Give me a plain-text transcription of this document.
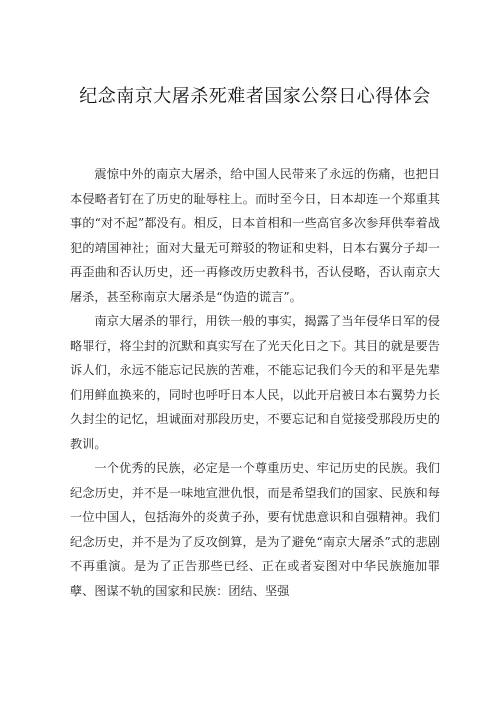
纪念南京大屠杀死难者国家公祭日心得体会

震惊中外的南京大屠杀，给中国人民带来了永远的伤痛，也把日本侵略者钉在了历史的耻辱柱上。而时至今日，日本却连一个郑重其事的“对不起”都没有。相反，日本首相和一些高官多次参拜供奉着战犯的靖国神社；面对大量无可辩驳的物证和史料，日本右翼分子却一再歪曲和否认历史，还一再修改历史教科书，否认侵略，否认南京大屠杀，甚至称南京大屠杀是“伪造的谎言”。

南京大屠杀的罪行，用铁一般的事实，揭露了当年侵华日军的侵略罪行，将尘封的沉默和真实写在了光天化日之下。其目的就是要告诉人们，永远不能忘记民族的苦难，不能忘记我们今天的和平是先辈们用鲜血换来的，同时也呼吁日本人民，以此开启被日本右翼势力长久封尘的记忆，坦诚面对那段历史，不要忘记和自觉接受那段历史的教训。

一个优秀的民族，必定是一个尊重历史、牢记历史的民族。我们纪念历史，并不是一味地宣泄仇恨，而是希望我们的国家、民族和每一位中国人，包括海外的炎黄子孙，要有忧患意识和自强精神。我们纪念历史，并不是为了反攻倒算，是为了避免“南京大屠杀”式的悲剧不再重演。是为了正告那些已经、正在或者妄图对中华民族施加罪孽、图谋不轨的国家和民族：团结、坚强
